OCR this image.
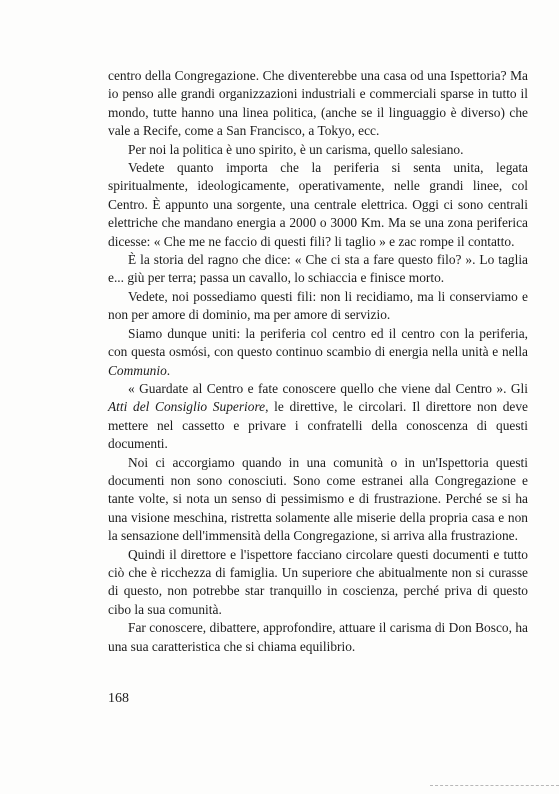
centro della Congregazione. Che diventerebbe una casa od una Ispettoria? Ma io penso alle grandi organizzazioni industriali e commerciali sparse in tutto il mondo, tutte hanno una linea politica, (anche se il linguaggio è diverso) che vale a Recife, come a San Francisco, a Tokyo, ecc.

Per noi la politica è uno spirito, è un carisma, quello salesiano.

Vedete quanto importa che la periferia si senta unita, legata spiritualmente, ideologicamente, operativamente, nelle grandi linee, col Centro. È appunto una sorgente, una centrale elettrica. Oggi ci sono centrali elettriche che mandano energia a 2000 o 3000 Km. Ma se una zona periferica dicesse: « Che me ne faccio di questi fili? li taglio » e zac rompe il contatto.

È la storia del ragno che dice: « Che ci sta a fare questo filo? ». Lo taglia e... giù per terra; passa un cavallo, lo schiaccia e finisce morto.

Vedete, noi possediamo questi fili: non li recidiamo, ma li conserviamo e non per amore di dominio, ma per amore di servizio.

Siamo dunque uniti: la periferia col centro ed il centro con la periferia, con questa osmósi, con questo continuo scambio di energia nella unità e nella Communio.

« Guardate al Centro e fate conoscere quello che viene dal Centro ». Gli Atti del Consiglio Superiore, le direttive, le circolari. Il direttore non deve mettere nel cassetto e privare i confratelli della conoscenza di questi documenti.

Noi ci accorgiamo quando in una comunità o in un'Ispettoria questi documenti non sono conosciuti. Sono come estranei alla Congregazione e tante volte, si nota un senso di pessimismo e di frustrazione. Perché se si ha una visione meschina, ristretta solamente alle miserie della propria casa e non la sensazione dell'immensità della Congregazione, si arriva alla frustrazione.

Quindi il direttore e l'ispettore facciano circolare questi documenti e tutto ciò che è ricchezza di famiglia. Un superiore che abitualmente non si curasse di questo, non potrebbe star tranquillo in coscienza, perché priva di questo cibo la sua comunità.

Far conoscere, dibattere, approfondire, attuare il carisma di Don Bosco, ha una sua caratteristica che si chiama equilibrio.

168
